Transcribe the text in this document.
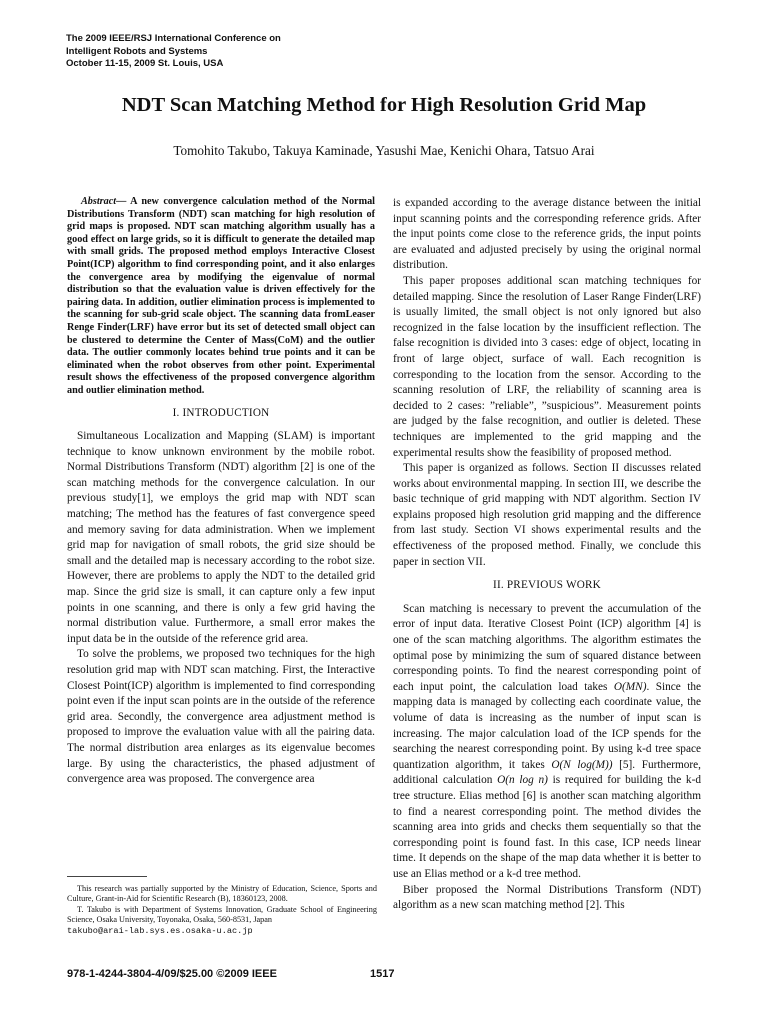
The 2009 IEEE/RSJ International Conference on
Intelligent Robots and Systems
October 11-15, 2009 St. Louis, USA
NDT Scan Matching Method for High Resolution Grid Map
Tomohito Takubo, Takuya Kaminade, Yasushi Mae, Kenichi Ohara, Tatsuo Arai

Abstract— A new convergence calculation method of the Normal Distributions Transform (NDT) scan matching for high resolution of grid maps is proposed. NDT scan matching algorithm usually has a good effect on large grids, so it is difficult to generate the detailed map with small grids. The proposed method employs Interactive Closest Point(ICP) algorithm to find corresponding point, and it also enlarges the convergence area by modifying the eigenvalue of normal distribution so that the evaluation value is driven effectively for the pairing data. In addition, outlier elimination process is implemented to the scanning for sub-grid scale object. The scanning data fromLeaser Renge Finder(LRF) have error but its set of detected small object can be clustered to determine the Center of Mass(CoM) and the outlier data. The outlier commonly locates behind true points and it can be eliminated when the robot observes from other point. Experimental result shows the effectiveness of the proposed convergence algorithm and outlier elimination method.

I. INTRODUCTION

Simultaneous Localization and Mapping (SLAM) is important technique to know unknown environment by the mobile robot. Normal Distributions Transform (NDT) algorithm [2] is one of the scan matching methods for the convergence calculation. In our previous study[1], we employs the grid map with NDT scan matching; The method has the features of fast convergence speed and memory saving for data administration. When we implement grid map for navigation of small robots, the grid size should be small and the detailed map is necessary according to the robot size. However, there are problems to apply the NDT to the detailed grid map. Since the grid size is small, it can capture only a few input points in one scanning, and there is only a few grid having the normal distribution value. Furthermore, a small error makes the input data be in the outside of the reference grid area.

To solve the problems, we proposed two techniques for the high resolution grid map with NDT scan matching. First, the Interactive Closest Point(ICP) algorithm is implemented to find corresponding point even if the input scan points are in the outside of the reference grid area. Secondly, the convergence area adjustment method is proposed to improve the evaluation value with all the pairing data. The normal distribution area enlarges as its eigenvalue becomes large. By using the characteristics, the phased adjustment of convergence area was proposed. The convergence area

is expanded according to the average distance between the initial input scanning points and the corresponding reference grids. After the input points come close to the reference grids, the input points are evaluated and adjusted precisely by using the original normal distribution.

This paper proposes additional scan matching techniques for detailed mapping. Since the resolution of Laser Range Finder(LRF) is usually limited, the small object is not only ignored but also recognized in the false location by the insufficient reflection. The false recognition is divided into 3 cases: edge of object, locating in front of large object, surface of wall. Each recognition is corresponding to the location from the sensor. According to the scanning resolution of LRF, the reliability of scanning area is decided to 2 cases: ”reliable”, ”suspicious”. Measurement points are judged by the false recognition, and outlier is deleted. These techniques are implemented to the grid mapping and the experimental results show the feasibility of proposed method.

This paper is organized as follows. Section II discusses related works about environmental mapping. In section III, we describe the basic technique of grid mapping with NDT algorithm. Section IV explains proposed high resolution grid mapping and the difference from last study. Section VI shows experimental results and the effectiveness of the proposed method. Finally, we conclude this paper in section VII.

II. PREVIOUS WORK

Scan matching is necessary to prevent the accumulation of the error of input data. Iterative Closest Point (ICP) algorithm [4] is one of the scan matching algorithms. The algorithm estimates the optimal pose by minimizing the sum of squared distance between corresponding points. To find the nearest corresponding point of each input point, the calculation load takes O(MN). Since the mapping data is managed by collecting each coordinate value, the volume of data is increasing as the number of input scan is increasing. The major calculation load of the ICP spends for the searching the nearest corresponding point. By using k-d tree space quantization algorithm, it takes O(N log(M)) [5]. Furthermore, additional calculation O(n log n) is required for building the k-d tree structure. Elias method [6] is another scan matching algorithm to find a nearest corresponding point. The method divides the scanning area into grids and checks them sequentially so that the corresponding point is found fast. In this case, ICP needs linear time. It depends on the shape of the map data whether it is better to use an Elias method or a k-d tree method.

Biber proposed the Normal Distributions Transform (NDT) algorithm as a new scan matching method [2]. This

This research was partially supported by the Ministry of Education, Science, Sports and Culture, Grant-in-Aid for Scientific Research (B), 18360123, 2008.

T. Takubo is with Department of Systems Innovation, Graduate School of Engineering Science, Osaka University, Toyonaka, Osaka, 560-8531, Japan

takubo@arai-lab.sys.es.osaka-u.ac.jp

978-1-4244-3804-4/09/$25.00 ©2009 IEEE	1517
